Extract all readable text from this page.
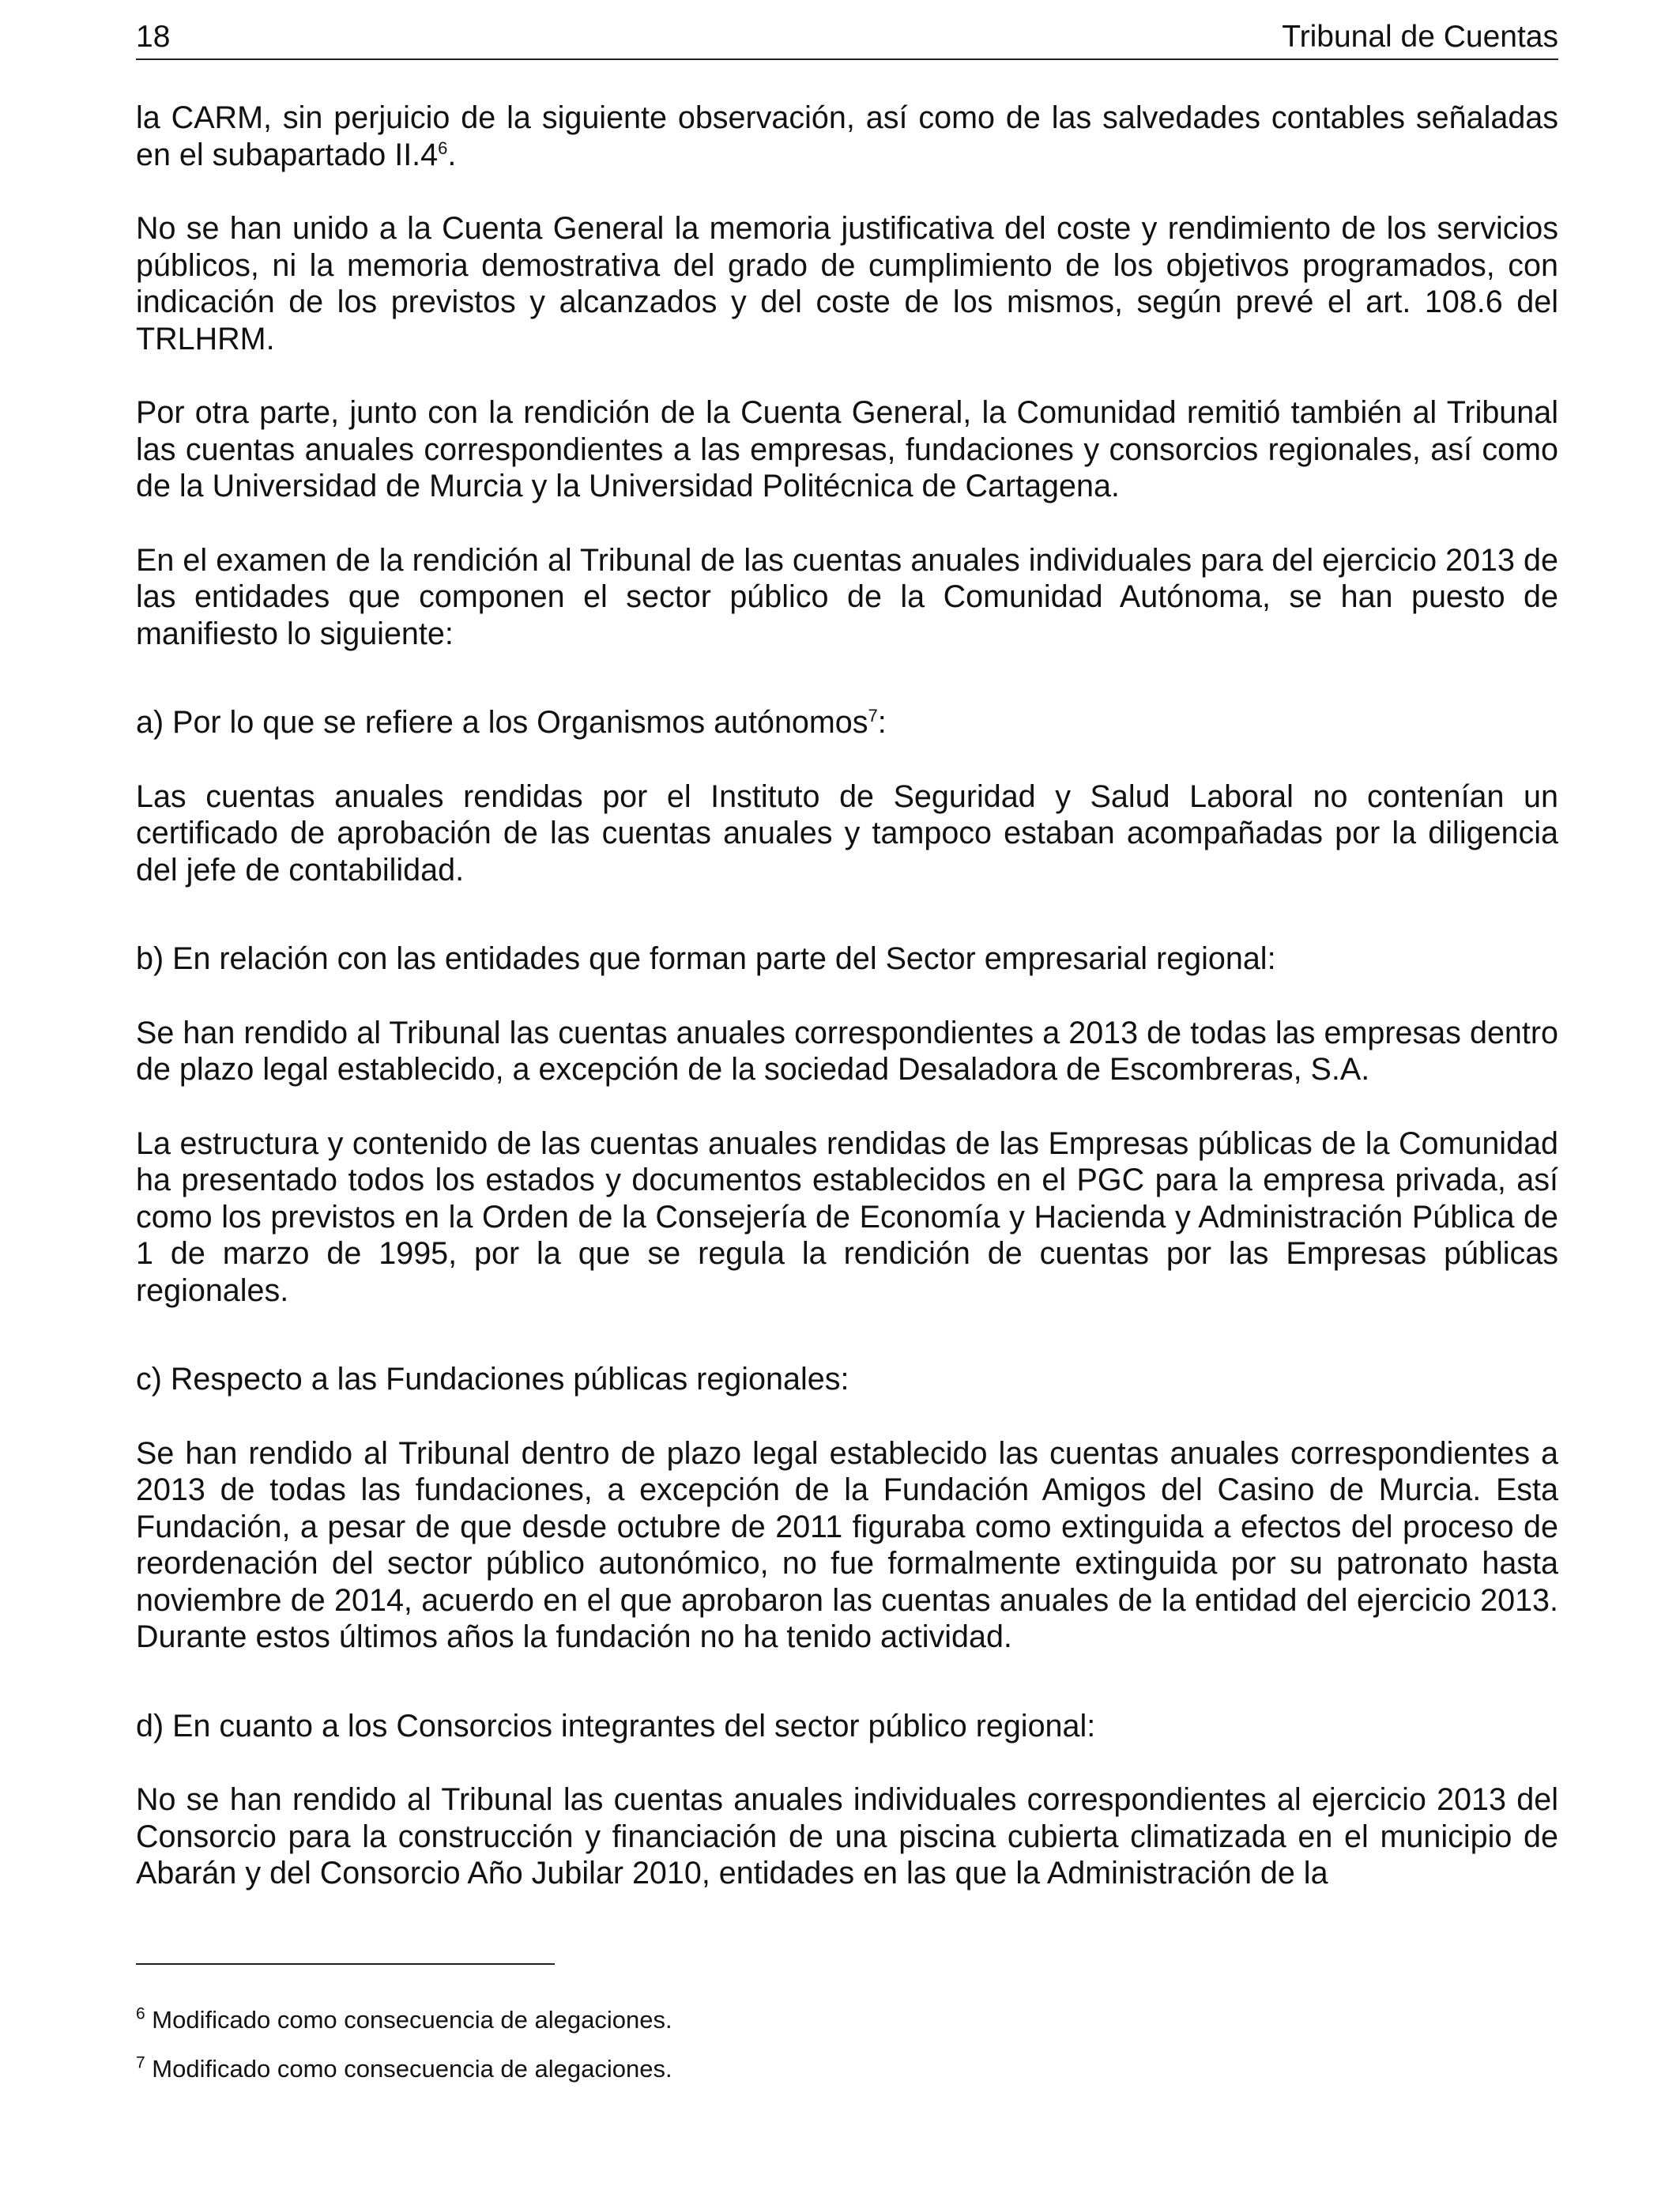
18	Tribunal de Cuentas

la CARM, sin perjuicio de la siguiente observación, así como de las salvedades contables señaladas en el subapartado $II.4^6$.

No se han unido a la Cuenta General la memoria justificativa del coste y rendimiento de los servicios públicos, ni la memoria demostrativa del grado de cumplimiento de los objetivos programados, con indicación de los previstos y alcanzados y del coste de los mismos, según prevé el art. 108.6 del TRLHRM.

Por otra parte, junto con la rendición de la Cuenta General, la Comunidad remitió también al Tribunal las cuentas anuales correspondientes a las empresas, fundaciones y consorcios regionales, así como de la Universidad de Murcia y la Universidad Politécnica de Cartagena.

En el examen de la rendición al Tribunal de las cuentas anuales individuales para del ejercicio 2013 de las entidades que componen el sector público de la Comunidad Autónoma, se han puesto de manifiesto lo siguiente:

a) Por lo que se refiere a los Organismos autónomos$^7$:

Las cuentas anuales rendidas por el Instituto de Seguridad y Salud Laboral no contenían un certificado de aprobación de las cuentas anuales y tampoco estaban acompañadas por la diligencia del jefe de contabilidad.

b) En relación con las entidades que forman parte del Sector empresarial regional:

Se han rendido al Tribunal las cuentas anuales correspondientes a 2013 de todas las empresas dentro de plazo legal establecido, a excepción de la sociedad Desaladora de Escombreras, S.A.

La estructura y contenido de las cuentas anuales rendidas de las Empresas públicas de la Comunidad ha presentado todos los estados y documentos establecidos en el PGC para la empresa privada, así como los previstos en la Orden de la Consejería de Economía y Hacienda y Administración Pública de 1 de marzo de 1995, por la que se regula la rendición de cuentas por las Empresas públicas regionales.

c) Respecto a las Fundaciones públicas regionales:

Se han rendido al Tribunal dentro de plazo legal establecido las cuentas anuales correspondientes a 2013 de todas las fundaciones, a excepción de la Fundación Amigos del Casino de Murcia. Esta Fundación, a pesar de que desde octubre de 2011 figuraba como extinguida a efectos del proceso de reordenación del sector público autonómico, no fue formalmente extinguida por su patronato hasta noviembre de 2014, acuerdo en el que aprobaron las cuentas anuales de la entidad del ejercicio 2013. Durante estos últimos años la fundación no ha tenido actividad.

d) En cuanto a los Consorcios integrantes del sector público regional:

No se han rendido al Tribunal las cuentas anuales individuales correspondientes al ejercicio 2013 del Consorcio para la construcción y financiación de una piscina cubierta climatizada en el municipio de Abarán y del Consorcio Año Jubilar 2010, entidades en las que la Administración de la

$^6$ Modificado como consecuencia de alegaciones.
$^7$ Modificado como consecuencia de alegaciones.
